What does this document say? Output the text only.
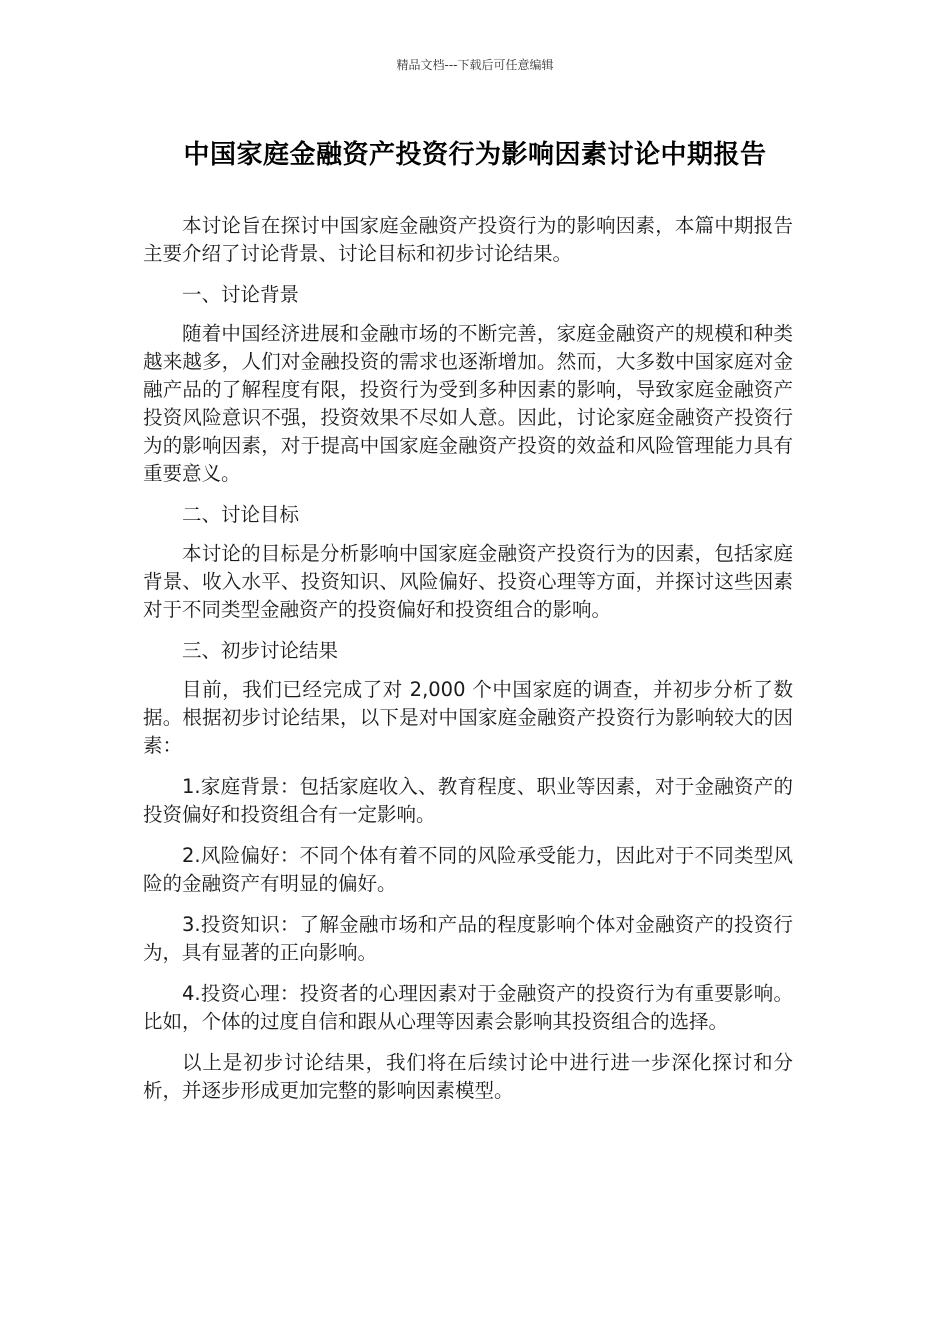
精品文档---下载后可任意编辑
中国家庭金融资产投资行为影响因素讨论中期报告

本讨论旨在探讨中国家庭金融资产投资行为的影响因素，本篇中期报告主要介绍了讨论背景、讨论目标和初步讨论结果。

一、讨论背景

随着中国经济进展和金融市场的不断完善，家庭金融资产的规模和种类越来越多，人们对金融投资的需求也逐渐增加。然而，大多数中国家庭对金融产品的了解程度有限，投资行为受到多种因素的影响，导致家庭金融资产投资风险意识不强，投资效果不尽如人意。因此，讨论家庭金融资产投资行为的影响因素，对于提高中国家庭金融资产投资的效益和风险管理能力具有重要意义。

二、讨论目标

本讨论的目标是分析影响中国家庭金融资产投资行为的因素，包括家庭背景、收入水平、投资知识、风险偏好、投资心理等方面，并探讨这些因素对于不同类型金融资产的投资偏好和投资组合的影响。

三、初步讨论结果

目前，我们已经完成了对 2,000 个中国家庭的调查，并初步分析了数据。根据初步讨论结果，以下是对中国家庭金融资产投资行为影响较大的因素：

1.家庭背景：包括家庭收入、教育程度、职业等因素，对于金融资产的投资偏好和投资组合有一定影响。

2.风险偏好：不同个体有着不同的风险承受能力，因此对于不同类型风险的金融资产有明显的偏好。

3.投资知识：了解金融市场和产品的程度影响个体对金融资产的投资行为，具有显著的正向影响。

4.投资心理：投资者的心理因素对于金融资产的投资行为有重要影响。比如，个体的过度自信和跟从心理等因素会影响其投资组合的选择。

以上是初步讨论结果，我们将在后续讨论中进行进一步深化探讨和分析，并逐步形成更加完整的影响因素模型。
